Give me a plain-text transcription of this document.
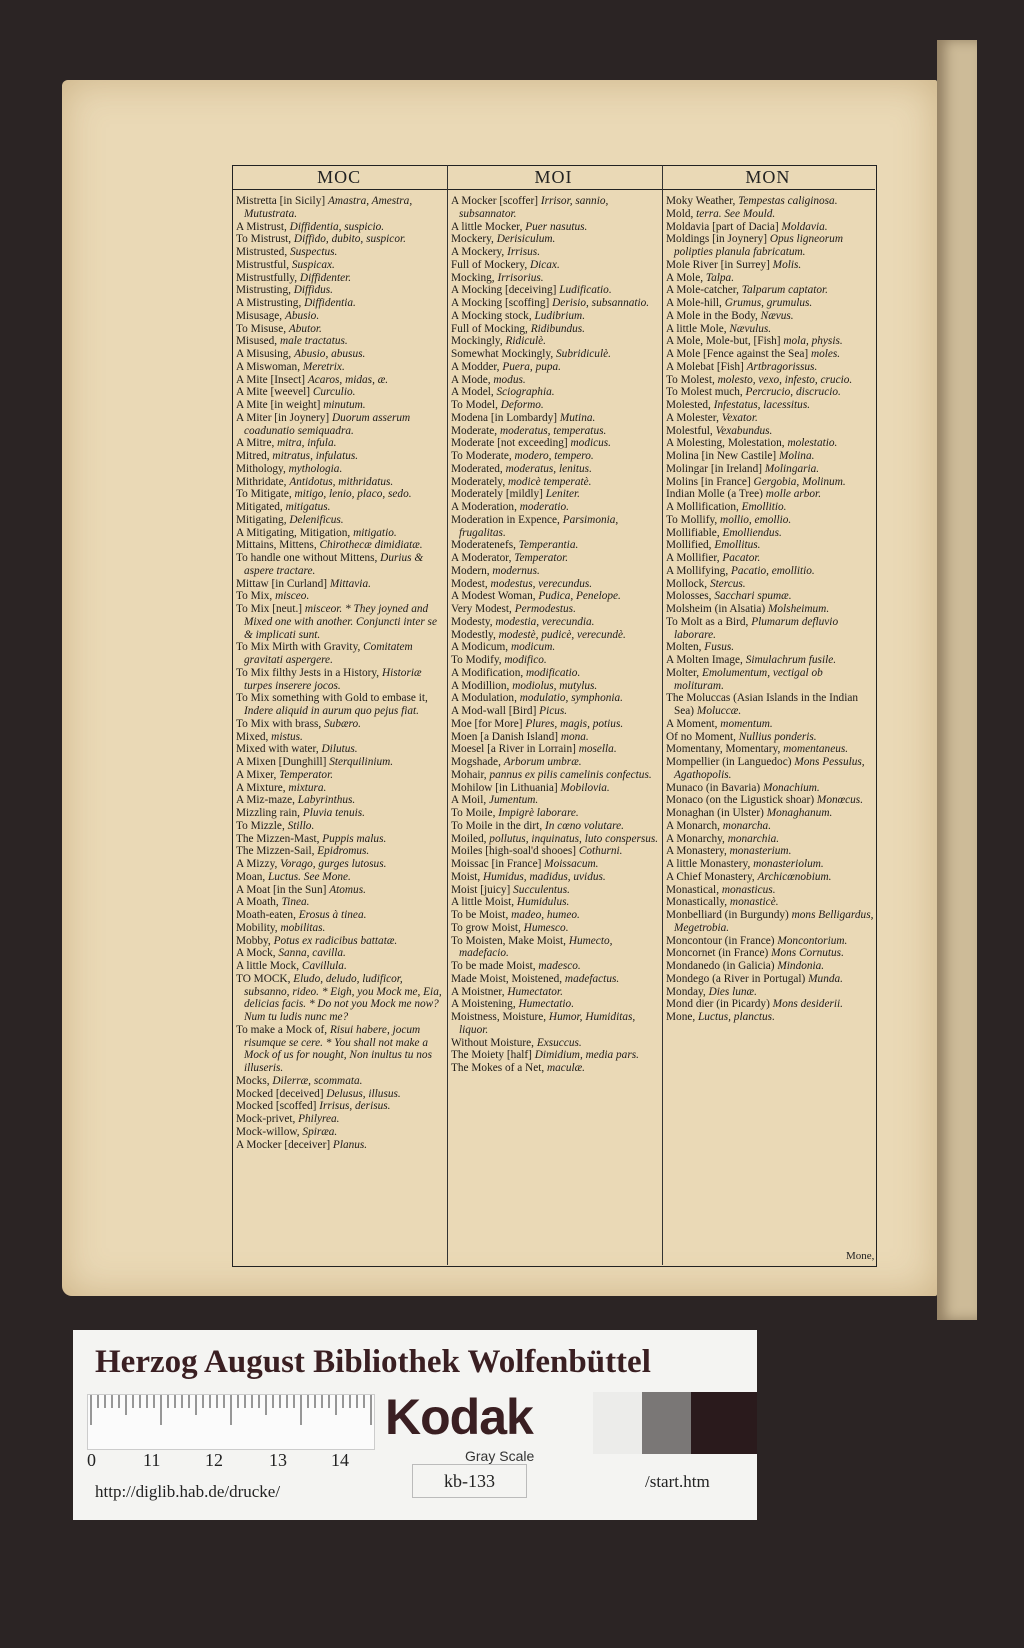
MOC	MOI	MON
Mistretta [in Sicily] Amastra, Amestra, Mutustrata.
A Mistrust, Diffidentia, suspicio.
To Mistrust, Diffido, dubito, suspicor.
Mistrusted, Suspectus.
Mistrustful, Suspicax.
Mistrustfully, Diffidenter.
Mistrusting, Diffidus.
A Mistrusting, Diffidentia.
Misusage, Abusio.
To Misuse, Abutor.
Misused, male tractatus.
A Misusing, Abusio, abusus.
A Miswoman, Meretrix.
A Mite [Insect] Acaros, midas, æ.
A Mite [weevel] Curculio.
A Mite [in weight] minutum.
A Miter [in Joynery] Duorum asserum coadunatio semiquadra.
A Mitre, mitra, infula.
Mitred, mitratus, infulatus.
Mithology, mythologia.
Mithridate, Antidotus, mithridatus.
To Mitigate, mitigo, lenio, placo, sedo.
Mitigated, mitigatus.
Mitigating, Delenificus.
A Mitigating, Mitigation, mitigatio.
Mittains, Mittens, Chirothecæ dimidiatæ.
To handle one without Mittens, Durius & aspere tractare.
Mittaw [in Curland] Mittavia.
To Mix, misceo.
To Mix [neut.] misceor. * They joyned and Mixed one with another. Conjuncti inter se & implicati sunt.
To Mix Mirth with Gravity, Comitatem gravitati aspergere.
To Mix filthy Jests in a History, Historiæ turpes inserere jocos.
To Mix something with Gold to embase it, Indere aliquid in aurum quo pejus fiat.
To Mix with brass, Subæro.
Mixed, mistus.
Mixed with water, Dilutus.
A Mixen [Dunghill] Sterquilinium.
A Mixer, Temperator.
A Mixture, mixtura.
A Miz-maze, Labyrinthus.
Mizzling rain, Pluvia tenuis.
To Mizzle, Stillo.
The Mizzen-Mast, Puppis malus.
The Mizzen-Sail, Epidromus.
A Mizzy, Vorago, gurges lutosus.
Moan, Luctus. See Mone.
A Moat [in the Sun] Atomus.
A Moath, Tinea.
Moath-eaten, Erosus à tinea.
Mobility, mobilitas.
Mobby, Potus ex radicibus battatæ.
A Mock, Sanna, cavilla.
A little Mock, Cavillula.
TO MOCK, Eludo, deludo, ludificor, subsanno, rideo. * Eigh, you Mock me, Eia, delicias facis. * Do not you Mock me now? Num tu ludis nunc me?
To make a Mock of, Risui habere, jocum risumque se cere. * You shall not make a Mock of us for nought, Non inultus tu nos illuseris.
Mocks, Dilerræ, scommata.
Mocked [deceived] Delusus, illusus.
Mocked [scoffed] Irrisus, derisus.
Mock-privet, Philyrea.
Mock-willow, Spiræa.
A Mocker [deceiver] Planus.
A Mocker [scoffer] Irrisor, sannio, subsannator.
A little Mocker, Puer nasutus.
Mockery, Derisiculum.
A Mockery, Irrisus.
Full of Mockery, Dicax.
Mocking, Irrisorius.
A Mocking [deceiving] Ludificatio.
A Mocking [scoffing] Derisio, subsannatio.
A Mocking stock, Ludibrium.
Full of Mocking, Ridibundus.
Mockingly, Ridiculè.
Somewhat Mockingly, Subridiculè.
A Modder, Puera, pupa.
A Mode, modus.
A Model, Sciographia.
To Model, Deformo.
Modena [in Lombardy] Mutina.
Moderate, moderatus, temperatus.
Moderate [not exceeding] modicus.
To Moderate, modero, tempero.
Moderated, moderatus, lenitus.
Moderately, modicè temperatè.
Moderately [mildly] Leniter.
A Moderation, moderatio.
Moderation in Expence, Parsimonia, frugalitas.
Moderatenefs, Temperantia.
A Moderator, Temperator.
Modern, modernus.
Modest, modestus, verecundus.
A Modest Woman, Pudica, Penelope.
Very Modest, Permodestus.
Modesty, modestia, verecundia.
Modestly, modestè, pudicè, verecundè.
A Modicum, modicum.
To Modify, modifico.
A Modification, modificatio.
A Modillion, modiolus, mutylus.
A Modulation, modulatio, symphonia.
A Mod-wall [Bird] Picus.
Moe [for More] Plures, magis, potius.
Moen [a Danish Island] mona.
Moesel [a River in Lorrain] mosella.
Mogshade, Arborum umbræ.
Mohair, pannus ex pilis camelinis confectus.
Mohilow [in Lithuania] Mobilovia.
A Moil, Jumentum.
To Moile, Impigrè laborare.
To Moile in the dirt, In cœno volutare.
Moiled, pollutus, inquinatus, luto conspersus.
Moiles [high-soal'd shooes] Cothurni.
Moissac [in France] Moissacum.
Moist, Humidus, madidus, uvidus.
Moist [juicy] Succulentus.
A little Moist, Humidulus.
To be Moist, madeo, humeo.
To grow Moist, Humesco.
To Moisten, Make Moist, Humecto, madefacio.
To be made Moist, madesco.
Made Moist, Moistened, madefactus.
A Moistner, Humectator.
A Moistening, Humectatio.
Moistness, Moisture, Humor, Humiditas, liquor.
Without Moisture, Exsuccus.
The Moiety [half] Dimidium, media pars.
The Mokes of a Net, maculæ.
Moky Weather, Tempestas caliginosa.
Mold, terra. See Mould.
Moldavia [part of Dacia] Moldavia.
Moldings [in Joynery] Opus ligneorum polipties planula fabricatum.
Mole River [in Surrey] Molis.
A Mole, Talpa.
A Mole-catcher, Talparum captator.
A Mole-hill, Grumus, grumulus.
A Mole in the Body, Nævus.
A little Mole, Nævulus.
A Mole, Mole-but, [Fish] mola, physis.
A Mole [Fence against the Sea] moles.
A Molebat [Fish] Artbragorissus.
To Molest, molesto, vexo, infesto, crucio.
To Molest much, Percrucio, discrucio.
Molested, Infestatus, lacessitus.
A Molester, Vexator.
Molestful, Vexabundus.
A Molesting, Molestation, molestatio.
Molina [in New Castile] Molina.
Molingar [in Ireland] Molingaria.
Molins [in France] Gergobia, Molinum.
Indian Molle (a Tree) molle arbor.
A Mollification, Emollitio.
To Mollify, mollio, emollio.
Mollifiable, Emolliendus.
Mollified, Emollitus.
A Mollifier, Pacator.
A Mollifying, Pacatio, emollitio.
Mollock, Stercus.
Molosses, Sacchari spumæ.
Molsheim (in Alsatia) Molsheimum.
To Molt as a Bird, Plumarum defluvio laborare.
Molten, Fusus.
A Molten Image, Simulachrum fusile.
Molter, Emolumentum, vectigal ob molituram.
The Moluccas (Asian Islands in the Indian Sea) Moluccæ.
A Moment, momentum.
Of no Moment, Nullius ponderis.
Momentany, Momentary, momentaneus.
Mompellier (in Languedoc) Mons Pessulus, Agathopolis.
Munaco (in Bavaria) Monachium.
Monaco (on the Ligustick shoar) Monœcus.
Monaghan (in Ulster) Monaghanum.
A Monarch, monarcha.
A Monarchy, monarchia.
A Monastery, monasterium.
A little Monastery, monasteriolum.
A Chief Monastery, Archicœnobium.
Monastical, monasticus.
Monastically, monasticè.
Monbelliard (in Burgundy) mons Belligardus, Megetrobia.
Moncontour (in France) Moncontorium.
Moncornet (in France) Mons Cornutus.
Mondanedo (in Galicia) Mindonia.
Mondego (a River in Portugal) Munda.
Monday, Dies lunæ.
Mond dier (in Picardy) Mons desiderii.
Mone, Luctus, planctus.
Mone,
Herzog August Bibliothek Wolfenbüttel
0	11 12	13 14
Kodak
Gray Scale
http://diglib.hab.de/drucke/
kb-133	/start.htm
